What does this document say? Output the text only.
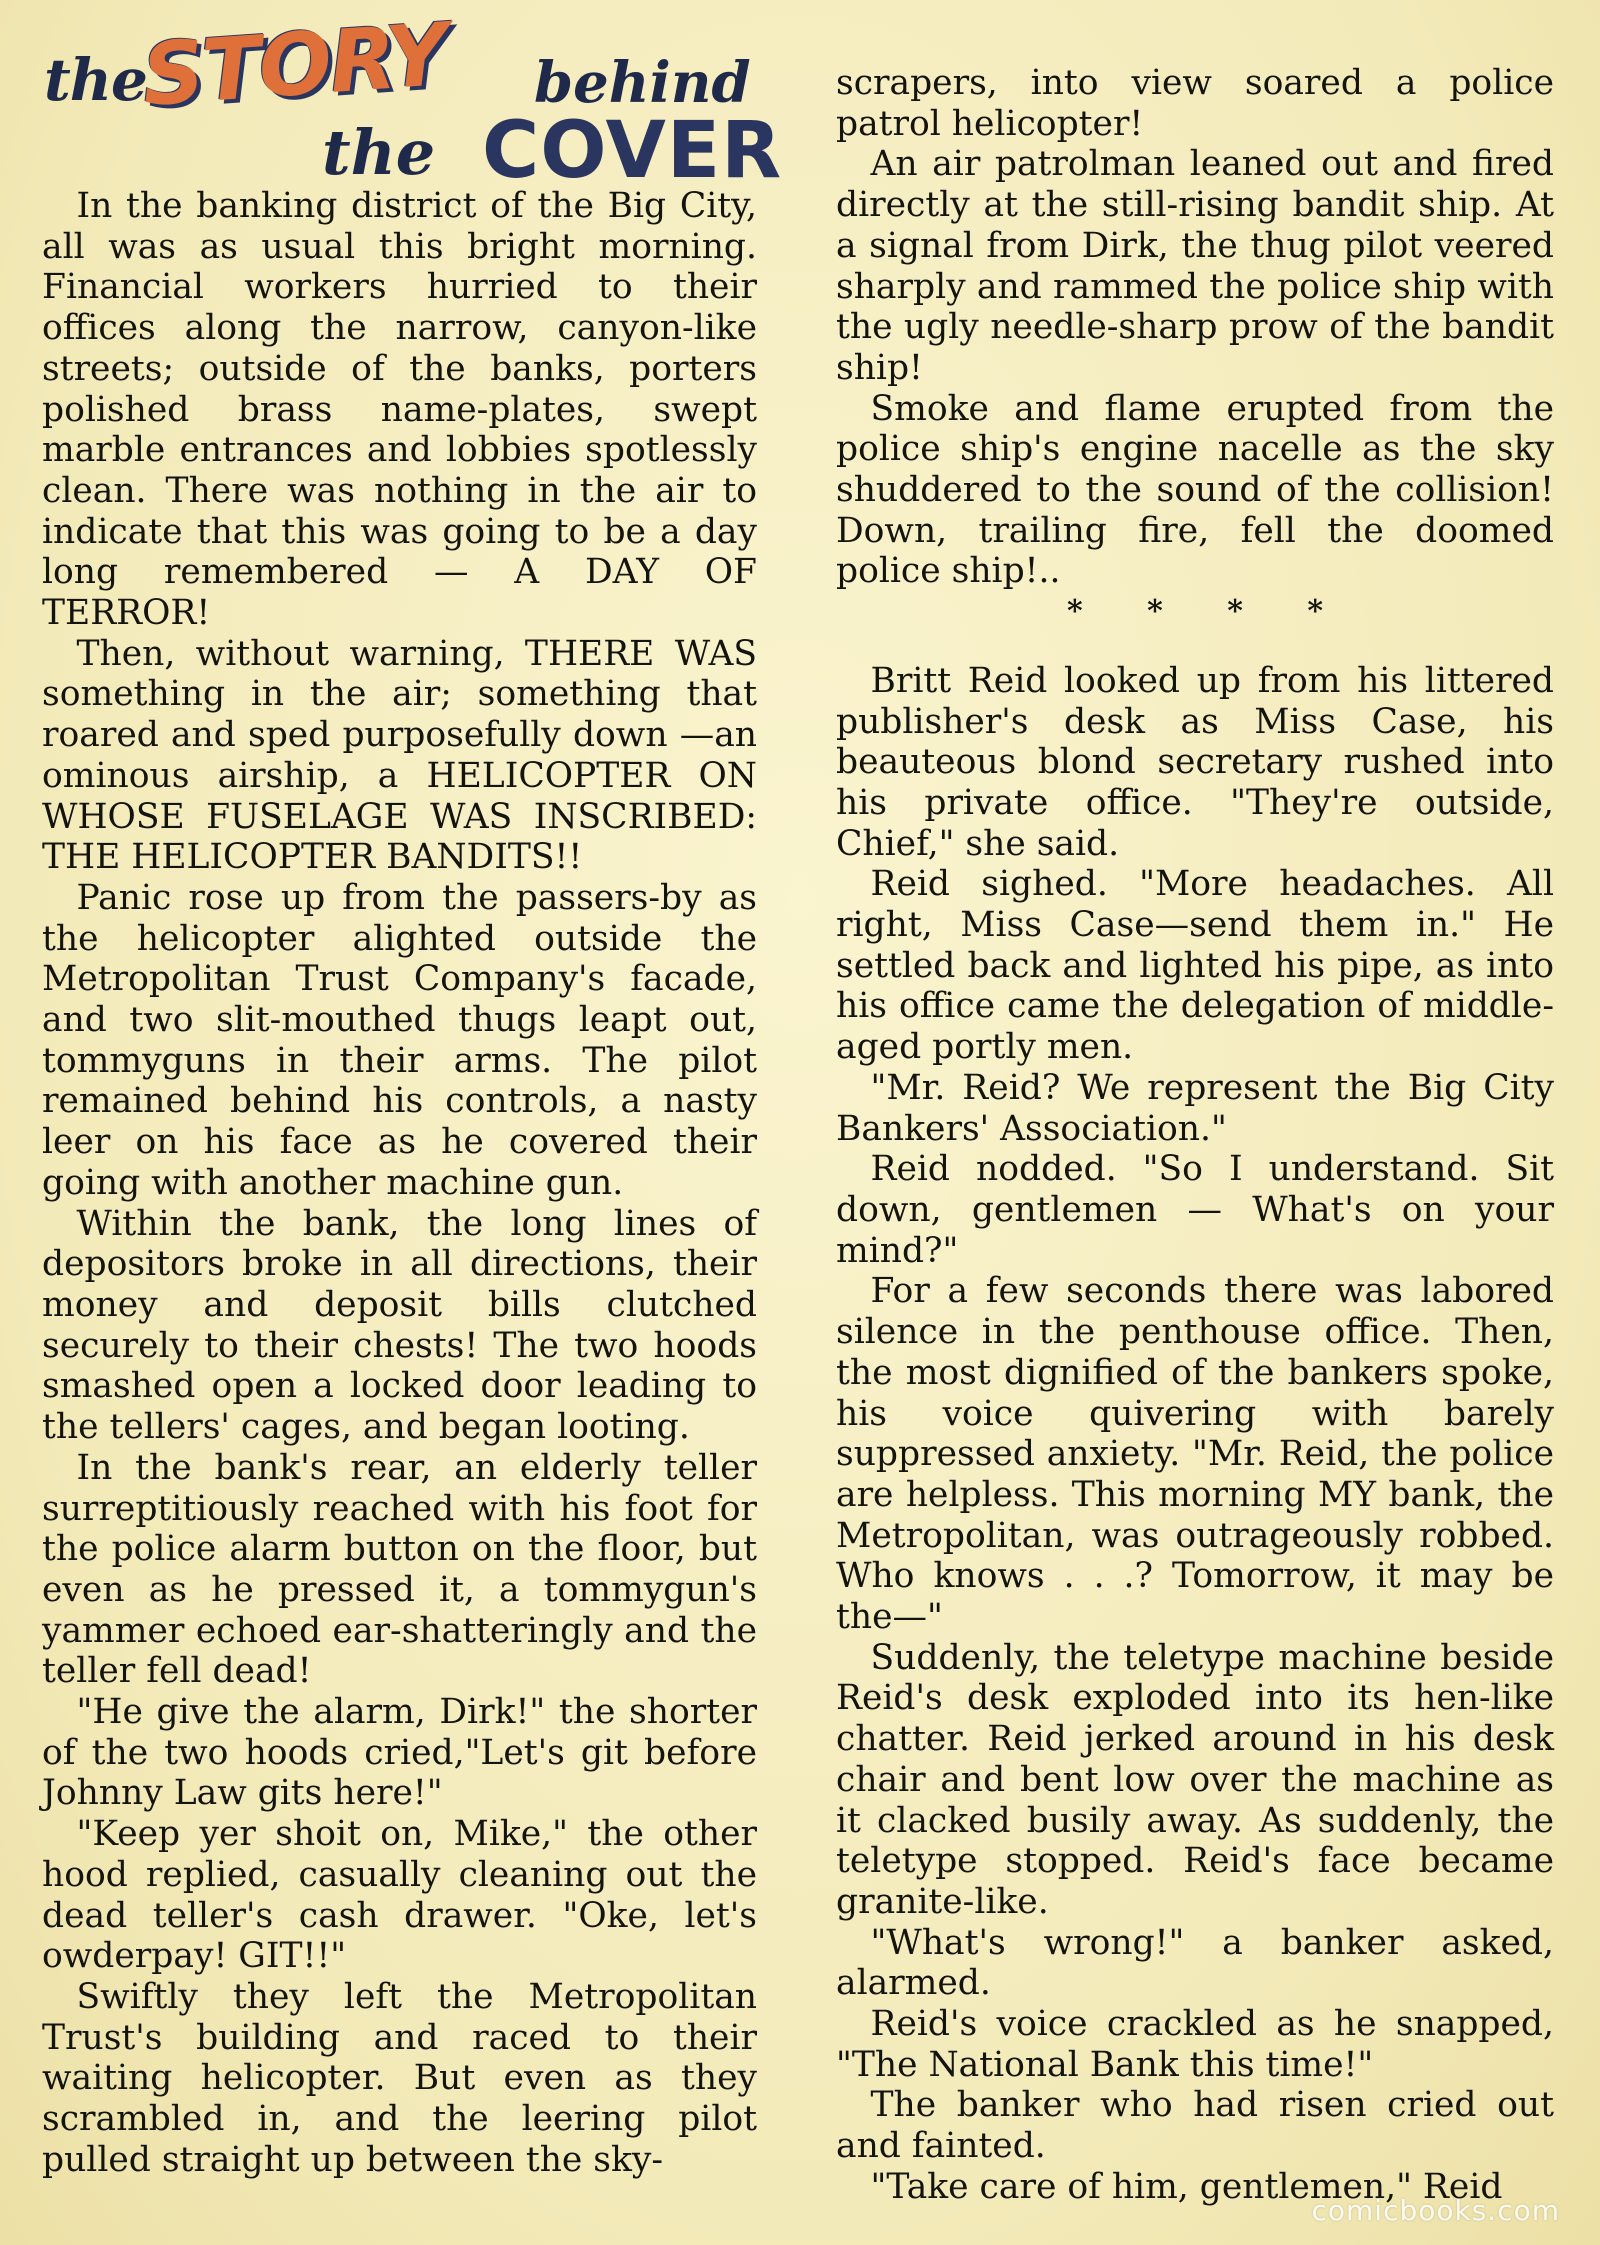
the
STORY behind
the COVER

In the banking district of the Big City, all was as usual this bright morning. Financial workers hurried to their offices along the narrow, canyon-like streets; outside of the banks, porters polished brass name-plates, swept marble entrances and lobbies spotlessly clean. There was nothing in the air to indicate that this was going to be a day long remembered — A DAY OF TERROR!

Then, without warning, THERE WAS something in the air; something that roared and sped purposefully down —an ominous airship, a HELICOPTER ON WHOSE FUSELAGE WAS INSCRIBED: THE HELICOPTER BANDITS!!

Panic rose up from the passers-by as the helicopter alighted outside the Metropolitan Trust Company's facade, and two slit-mouthed thugs leapt out, tommyguns in their arms. The pilot remained behind his controls, a nasty leer on his face as he covered their going with another machine gun.

Within the bank, the long lines of depositors broke in all directions, their money and deposit bills clutched securely to their chests! The two hoods smashed open a locked door leading to the tellers' cages, and began looting.

In the bank's rear, an elderly teller surreptitiously reached with his foot for the police alarm button on the floor, but even as he pressed it, a tommygun's yammer echoed ear-shatteringly and the teller fell dead!

"He give the alarm, Dirk!" the shorter of the two hoods cried,"Let's git before Johnny Law gits here!"

"Keep yer shoit on, Mike," the other hood replied, casually cleaning out the dead teller's cash drawer. "Oke, let's owderpay! GIT!!"

Swiftly they left the Metropolitan Trust's building and raced to their waiting helicopter. But even as they scrambled in, and the leering pilot pulled straight up between the sky-

scrapers, into view soared a police patrol helicopter!

An air patrolman leaned out and fired directly at the still-rising bandit ship. At a signal from Dirk, the thug pilot veered sharply and rammed the police ship with the ugly needle-sharp prow of the bandit ship!

Smoke and flame erupted from the police ship's engine nacelle as the sky shuddered to the sound of the collision! Down, trailing fire, fell the doomed police ship!..

* * * *

Britt Reid looked up from his littered publisher's desk as Miss Case, his beauteous blond secretary rushed into his private office. "They're outside, Chief," she said.

Reid sighed. "More headaches. All right, Miss Case—send them in." He settled back and lighted his pipe, as into his office came the delegation of middle-aged portly men.

"Mr. Reid? We represent the Big City Bankers' Association."

Reid nodded. "So I understand. Sit down, gentlemen — What's on your mind?"

For a few seconds there was labored silence in the penthouse office. Then, the most dignified of the bankers spoke, his voice quivering with barely suppressed anxiety. "Mr. Reid, the police are helpless. This morning MY bank, the Metropolitan, was outrageously robbed. Who knows . . .? Tomorrow, it may be the—"

Suddenly, the teletype machine beside Reid's desk exploded into its hen-like chatter. Reid jerked around in his desk chair and bent low over the machine as it clacked busily away. As suddenly, the teletype stopped. Reid's face became granite-like.

"What's wrong!" a banker asked, alarmed.

Reid's voice crackled as he snapped, "The National Bank this time!"

The banker who had risen cried out and fainted.

"Take care of him, gentlemen," Reid

comicbooks.com
